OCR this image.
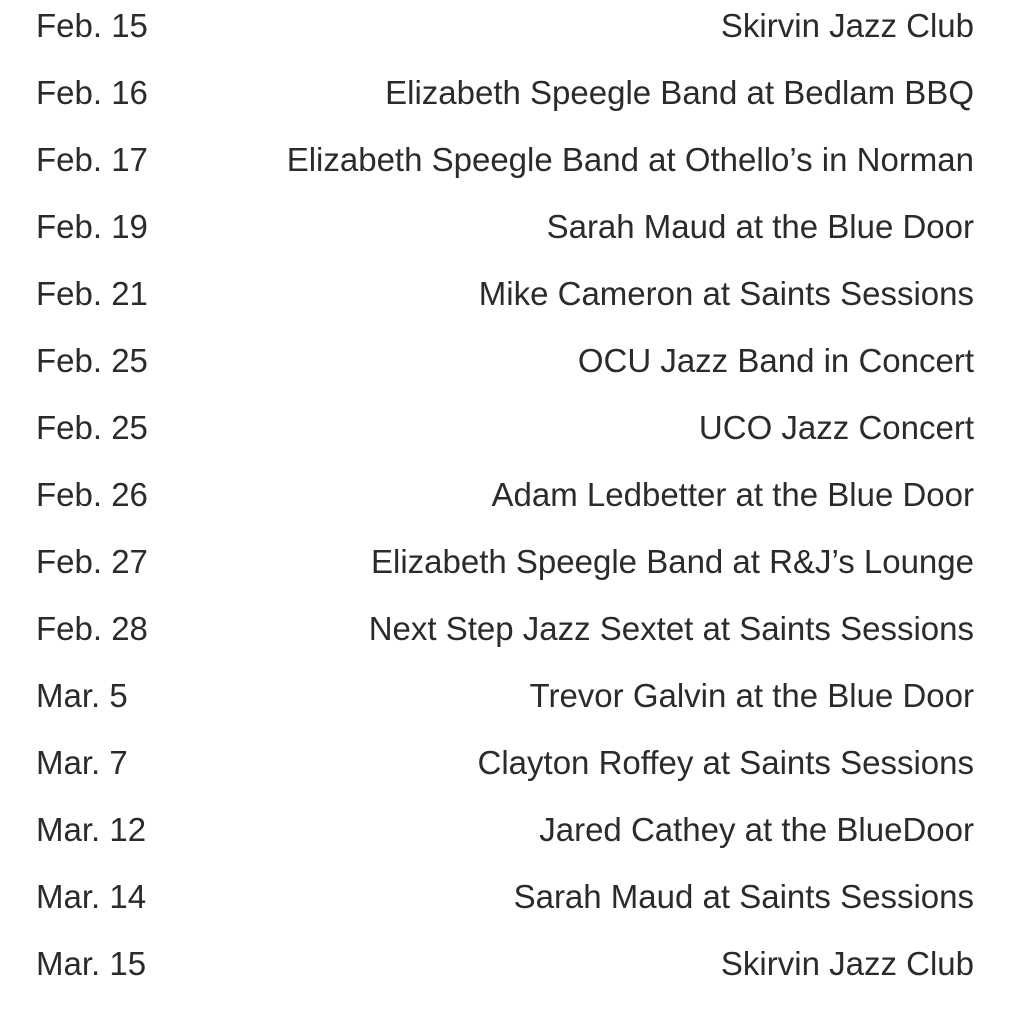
Feb. 15	Skirvin Jazz Club
Feb. 16	Elizabeth Speegle Band at Bedlam BBQ
Feb. 17	Elizabeth Speegle Band at Othello’s in Norman
Feb. 19	Sarah Maud at the Blue Door
Feb. 21	Mike Cameron at Saints Sessions
Feb. 25	OCU Jazz Band in Concert
Feb. 25	UCO Jazz Concert
Feb. 26	Adam Ledbetter at the Blue Door
Feb. 27	Elizabeth Speegle Band at R&J’s Lounge
Feb. 28	Next Step Jazz Sextet at Saints Sessions
Mar. 5	Trevor Galvin at the Blue Door
Mar. 7	Clayton Roffey at Saints Sessions
Mar. 12	Jared Cathey at the BlueDoor
Mar. 14	Sarah Maud at Saints Sessions
Mar. 15	Skirvin Jazz Club
